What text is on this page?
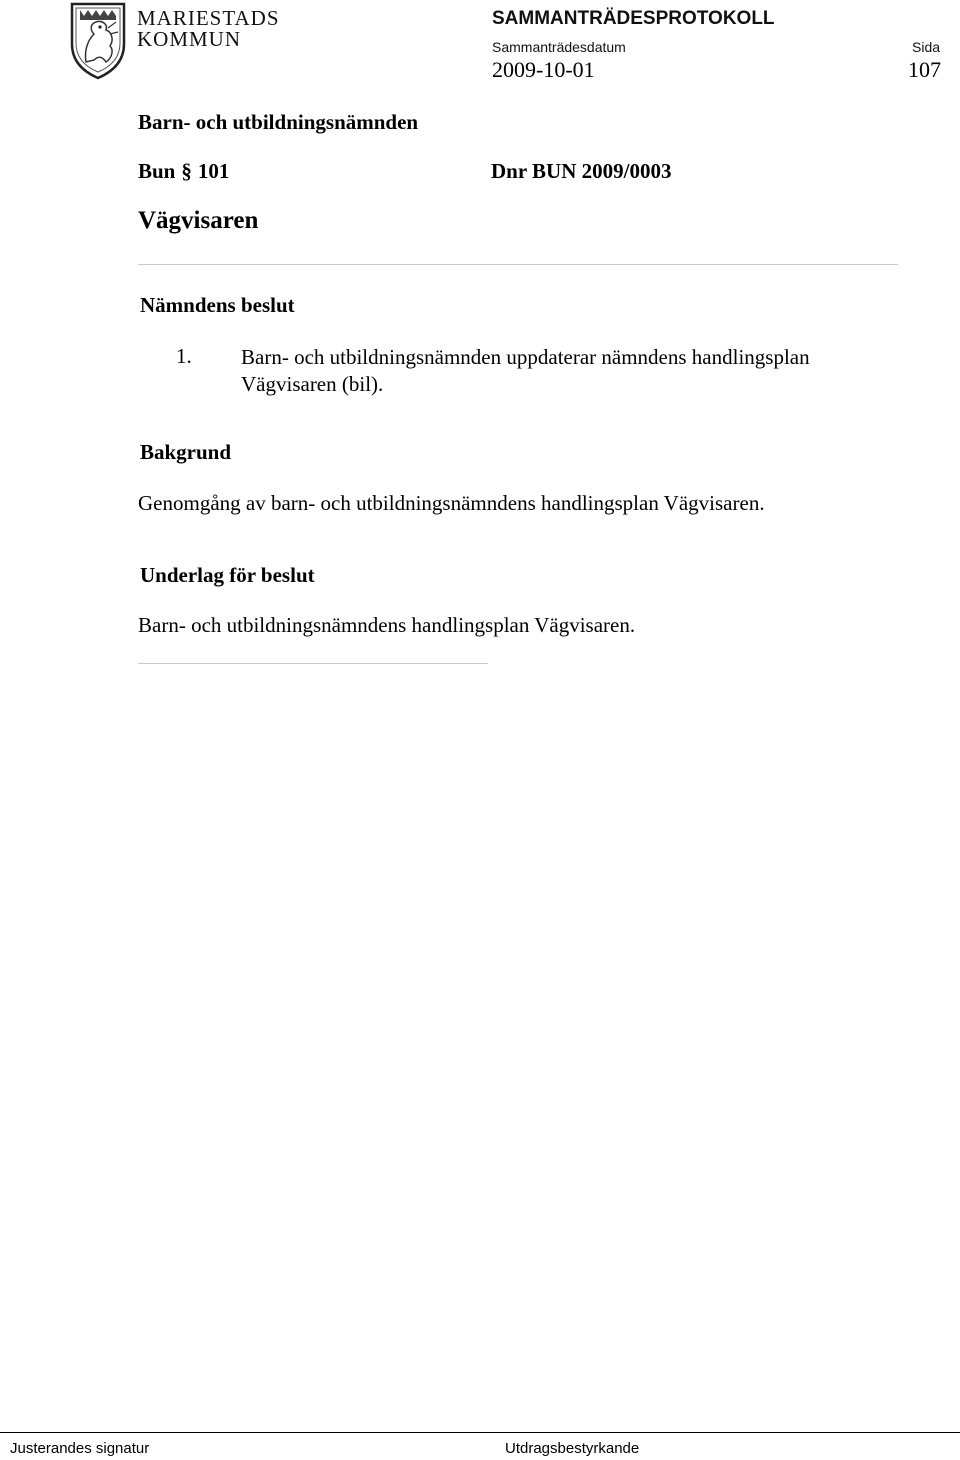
MARIESTADS
KOMMUN
SAMMANTRÄDESPROTOKOLL
Sammanträdesdatum	Sida
2009-10-01	107
Barn- och utbildningsnämnden
Bun § 101	Dnr BUN 2009/0003
Vägvisaren
Nämndens beslut
1. Barn- och utbildningsnämnden uppdaterar nämndens handlingsplan Vägvisaren (bil).
Bakgrund
Genomgång av barn- och utbildningsnämndens handlingsplan Vägvisaren.
Underlag för beslut
Barn- och utbildningsnämndens handlingsplan Vägvisaren.
Justerandes signatur	Utdragsbestyrkande
